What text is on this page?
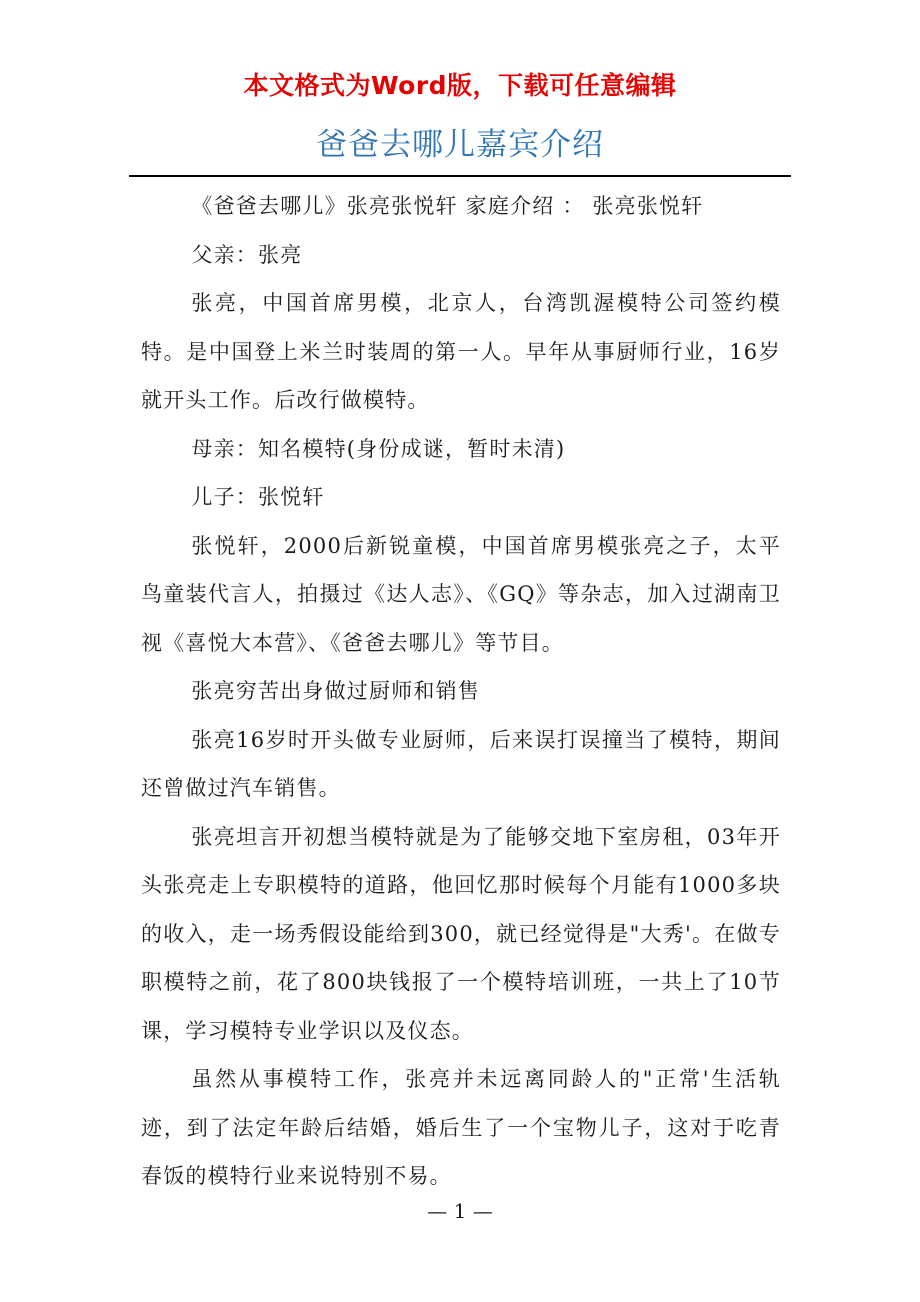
本文格式为Word版，下载可任意编辑
爸爸去哪儿嘉宾介绍

《爸爸去哪儿》张亮张悦轩 家庭介绍 ： 张亮张悦轩

父亲：张亮

张亮，中国首席男模，北京人，台湾凯渥模特公司签约模特。是中国登上米兰时装周的第一人。早年从事厨师行业，16岁就开头工作。后改行做模特。

母亲：知名模特(身份成谜，暂时未清)

儿子：张悦轩

张悦轩，2000后新锐童模，中国首席男模张亮之子，太平鸟童装代言人，拍摄过《达人志》、《GQ》等杂志，加入过湖南卫视《喜悦大本营》、《爸爸去哪儿》等节目。

张亮穷苦出身做过厨师和销售

张亮16岁时开头做专业厨师，后来误打误撞当了模特，期间还曾做过汽车销售。

张亮坦言开初想当模特就是为了能够交地下室房租，03年开头张亮走上专职模特的道路，他回忆那时候每个月能有1000多块的收入，走一场秀假设能给到300，就已经觉得是"大秀'。在做专职模特之前，花了800块钱报了一个模特培训班，一共上了10节课，学习模特专业学识以及仪态。

虽然从事模特工作，张亮并未远离同龄人的"正常'生活轨迹，到了法定年龄后结婚，婚后生了一个宝物儿子，这对于吃青春饭的模特行业来说特别不易。

— 1 —
